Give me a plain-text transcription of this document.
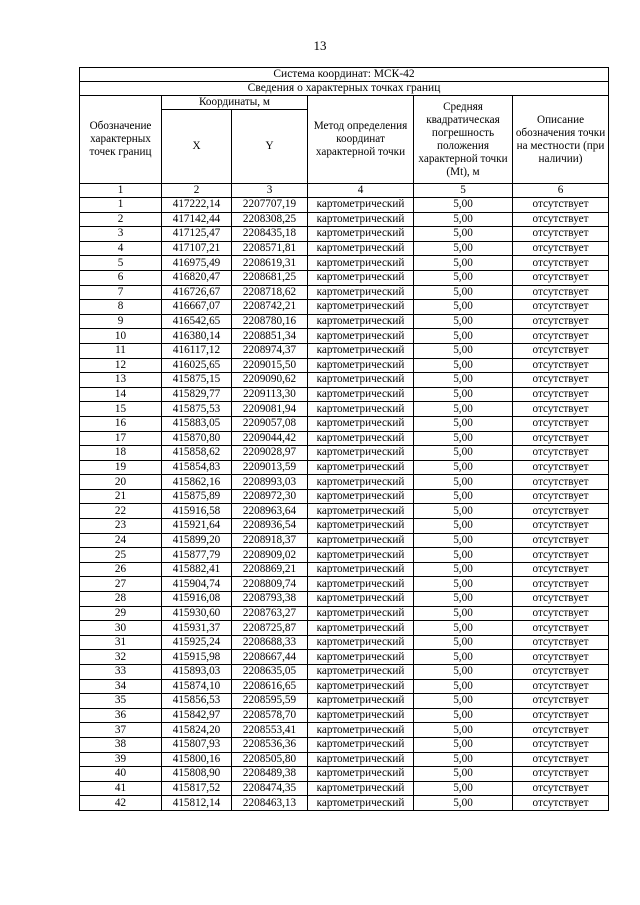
13
Система координат: МСК-42					
Сведения о характерных точках границ					
Обозначение характерных точек границ	Координаты, м		Метод определения координат характерной точки	Средняя квадратическая погрешность положения характерной точки (Mt), м	Описание обозначения точки на местности (при наличии)
	X	Y			
1	2	3	4	5	6
1	417222,14	2207707,19	картометрический	5,00	отсутствует
2	417142,44	2208308,25	картометрический	5,00	отсутствует
3	417125,47	2208435,18	картометрический	5,00	отсутствует
4	417107,21	2208571,81	картометрический	5,00	отсутствует
5	416975,49	2208619,31	картометрический	5,00	отсутствует
6	416820,47	2208681,25	картометрический	5,00	отсутствует
7	416726,67	2208718,62	картометрический	5,00	отсутствует
8	416667,07	2208742,21	картометрический	5,00	отсутствует
9	416542,65	2208780,16	картометрический	5,00	отсутствует
10	416380,14	2208851,34	картометрический	5,00	отсутствует
11	416117,12	2208974,37	картометрический	5,00	отсутствует
12	416025,65	2209015,50	картометрический	5,00	отсутствует
13	415875,15	2209090,62	картометрический	5,00	отсутствует
14	415829,77	2209113,30	картометрический	5,00	отсутствует
15	415875,53	2209081,94	картометрический	5,00	отсутствует
16	415883,05	2209057,08	картометрический	5,00	отсутствует
17	415870,80	2209044,42	картометрический	5,00	отсутствует
18	415858,62	2209028,97	картометрический	5,00	отсутствует
19	415854,83	2209013,59	картометрический	5,00	отсутствует
20	415862,16	2208993,03	картометрический	5,00	отсутствует
21	415875,89	2208972,30	картометрический	5,00	отсутствует
22	415916,58	2208963,64	картометрический	5,00	отсутствует
23	415921,64	2208936,54	картометрический	5,00	отсутствует
24	415899,20	2208918,37	картометрический	5,00	отсутствует
25	415877,79	2208909,02	картометрический	5,00	отсутствует
26	415882,41	2208869,21	картометрический	5,00	отсутствует
27	415904,74	2208809,74	картометрический	5,00	отсутствует
28	415916,08	2208793,38	картометрический	5,00	отсутствует
29	415930,60	2208763,27	картометрический	5,00	отсутствует
30	415931,37	2208725,87	картометрический	5,00	отсутствует
31	415925,24	2208688,33	картометрический	5,00	отсутствует
32	415915,98	2208667,44	картометрический	5,00	отсутствует
33	415893,03	2208635,05	картометрический	5,00	отсутствует
34	415874,10	2208616,65	картометрический	5,00	отсутствует
35	415856,53	2208595,59	картометрический	5,00	отсутствует
36	415842,97	2208578,70	картометрический	5,00	отсутствует
37	415824,20	2208553,41	картометрический	5,00	отсутствует
38	415807,93	2208536,36	картометрический	5,00	отсутствует
39	415800,16	2208505,80	картометрический	5,00	отсутствует
40	415808,90	2208489,38	картометрический	5,00	отсутствует
41	415817,52	2208474,35	картометрический	5,00	отсутствует
42	415812,14	2208463,13	картометрический	5,00	отсутствует
